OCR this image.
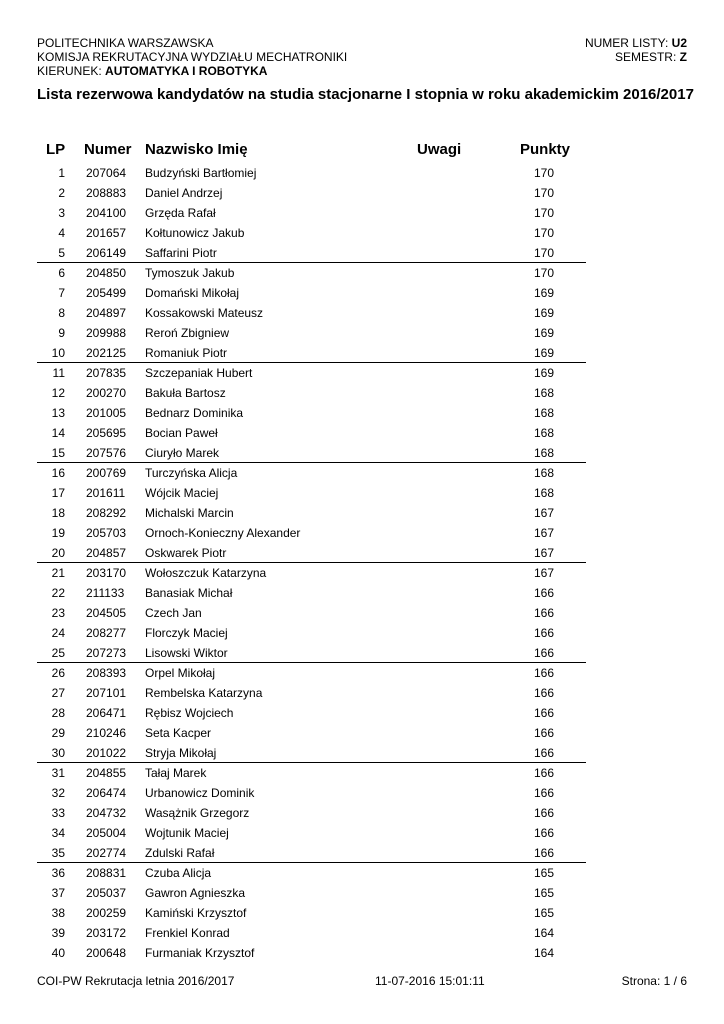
POLITECHNIKA WARSZAWSKA
KOMISJA REKRUTACYJNA WYDZIAŁU MECHATRONIKI
KIERUNEK: AUTOMATYKA I ROBOTYKA
NUMER LISTY: U2
SEMESTR: Z
Lista rezerwowa kandydatów na studia stacjonarne I stopnia w roku akademickim 2016/2017
LP Numer Nazwisko Imię	Uwagi	Punkty
1 207064 Budzyński Bartłomiej	170
2 208883 Daniel Andrzej	170
3 204100 Grzęda Rafał	170
4 201657 Kołtunowicz Jakub	170
5 206149 Saffarini Piotr	170
6 204850 Tymoszuk Jakub	170
7 205499 Domański Mikołaj	169
8 204897 Kossakowski Mateusz	169
9 209988 Reroń Zbigniew	169
10 202125 Romaniuk Piotr	169
11 207835 Szczepaniak Hubert	169
12 200270 Bakuła Bartosz	168
13 201005 Bednarz Dominika	168
14 205695 Bocian Paweł	168
15 207576 Ciuryło Marek	168
16 200769 Turczyńska Alicja	168
17 201611 Wójcik Maciej	168
18 208292 Michalski Marcin	167
19 205703 Ornoch-Konieczny Alexander	167
20 204857 Oskwarek Piotr	167
21 203170 Wołoszczuk Katarzyna	167
22 211133 Banasiak Michał	166
23 204505 Czech Jan	166
24 208277 Florczyk Maciej	166
25 207273 Lisowski Wiktor	166
26 208393 Orpel Mikołaj	166
27 207101 Rembelska Katarzyna	166
28 206471 Rębisz Wojciech	166
29 210246 Seta Kacper	166
30 201022 Stryja Mikołaj	166
31 204855 Tałaj Marek	166
32 206474 Urbanowicz Dominik	166
33 204732 Wasążnik Grzegorz	166
34 205004 Wojtunik Maciej	166
35 202774 Zdulski Rafał	166
36 208831 Czuba Alicja	165
37 205037 Gawron Agnieszka	165
38 200259 Kamiński Krzysztof	165
39 203172 Frenkiel Konrad	164
40 200648 Furmaniak Krzysztof	164
COI-PW Rekrutacja letnia 2016/2017	11-07-2016 15:01:11	Strona: 1 / 6
